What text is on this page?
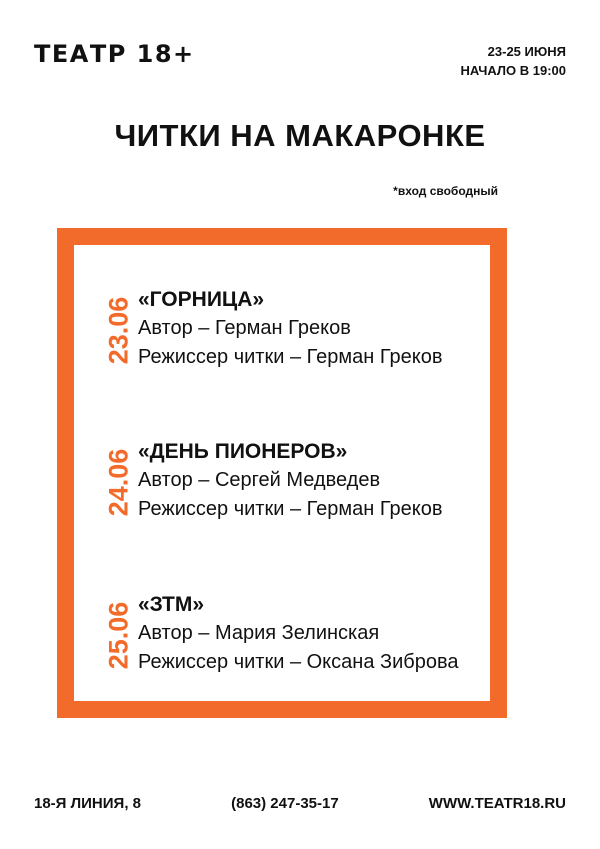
ТЕАТР 18+	23-25 ИЮНЯ
НАЧАЛО В 19:00
ЧИТКИ НА МАКАРОНКЕ
*вход свободный
23.06 «ГОРНИЦА»
Автор – Герман Греков
Режиссер читки – Герман Греков
24.06 «ДЕНЬ ПИОНЕРОВ»
Автор – Сергей Медведев
Режиссер читки – Герман Греков
25.06 «ЗТМ»
Автор – Мария Зелинская
Режиссер читки – Оксана Зиброва
18-Я ЛИНИЯ, 8	(863) 247-35-17	WWW.TEATR18.RU
